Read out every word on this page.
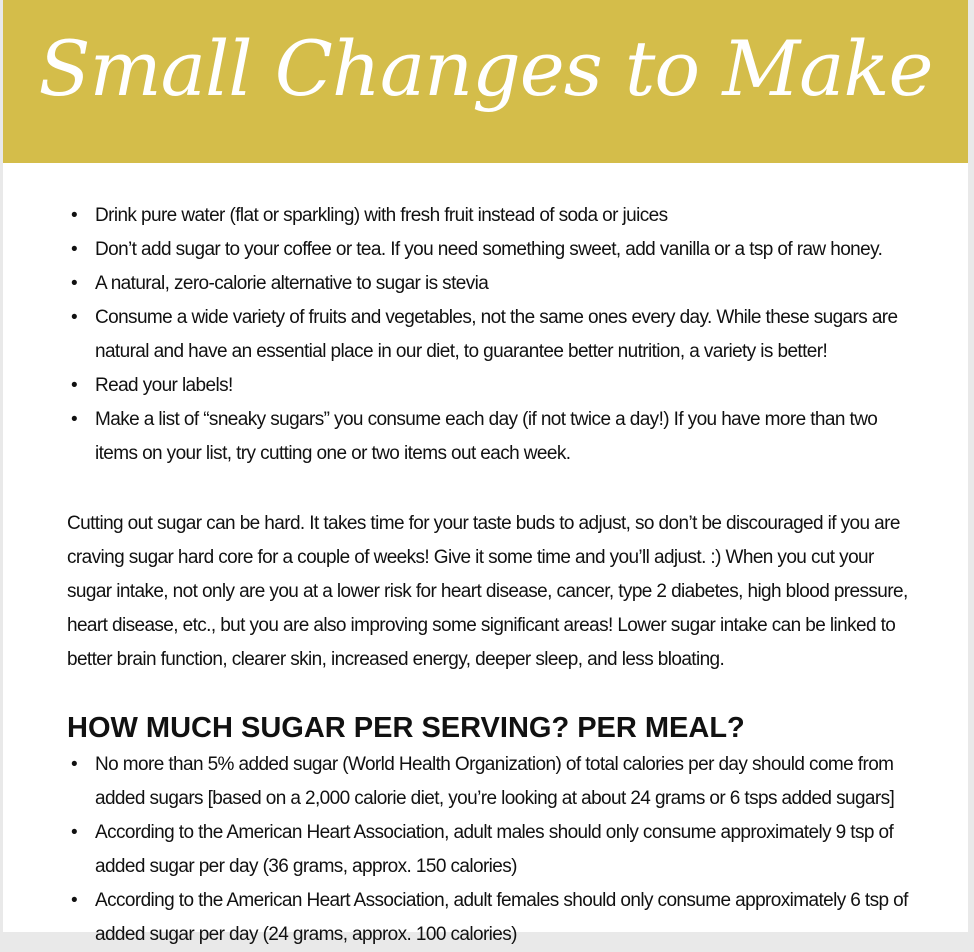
Small Changes to Make
• Drink pure water (flat or sparkling) with fresh fruit instead of soda or juices
• Don’t add sugar to your coffee or tea. If you need something sweet, add vanilla or a tsp of raw honey.
• A natural, zero-calorie alternative to sugar is stevia
• Consume a wide variety of fruits and vegetables, not the same ones every day. While these sugars are natural and have an essential place in our diet, to guarantee better nutrition, a variety is better!
• Read your labels!
• Make a list of “sneaky sugars” you consume each day (if not twice a day!) If you have more than two items on your list, try cutting one or two items out each week.

Cutting out sugar can be hard. It takes time for your taste buds to adjust, so don’t be discouraged if you are craving sugar hard core for a couple of weeks! Give it some time and you’ll adjust. :) When you cut your sugar intake, not only are you at a lower risk for heart disease, cancer, type 2 diabetes, high blood pressure, heart disease, etc., but you are also improving some significant areas! Lower sugar intake can be linked to better brain function, clearer skin, increased energy, deeper sleep, and less bloating.

HOW MUCH SUGAR PER SERVING? PER MEAL?
• No more than 5% added sugar (World Health Organization) of total calories per day should come from added sugars [based on a 2,000 calorie diet, you’re looking at about 24 grams or 6 tsps added sugars]
• According to the American Heart Association, adult males should only consume approximately 9 tsp of added sugar per day (36 grams, approx. 150 calories)
• According to the American Heart Association, adult females should only consume approximately 6 tsp of added sugar per day (24 grams, approx. 100 calories)
